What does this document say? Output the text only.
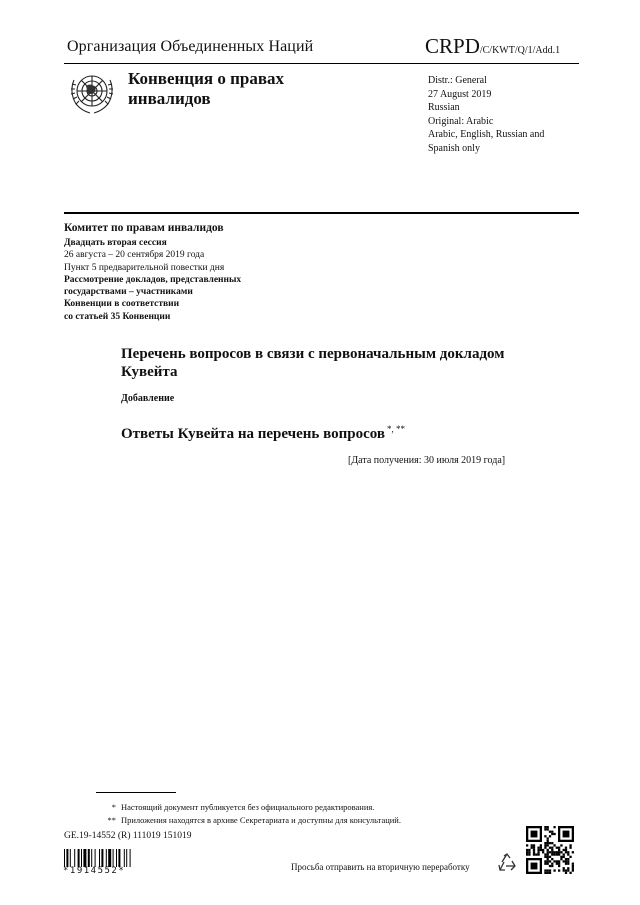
Организация Объединенных Наций	CRPD/C/KWT/Q/1/Add.1
Конвенция о правах
инвалидов
Distr.: General
27 August 2019
Russian
Original: Arabic
Arabic, English, Russian and
Spanish only
Комитет по правам инвалидов
Двадцать вторая сессия
26 августа – 20 сентября 2019 года
Пункт 5 предварительной повестки дня
Рассмотрение докладов, представленных
государствами – участниками
Конвенции в соответствии
со статьей 35 Конвенции
Перечень вопросов в связи с первоначальным докладом
Кувейта
Добавление
Ответы Кувейта на перечень вопросов *, **
[Дата получения: 30 июля 2019 года]
* Настоящий документ публикуется без официального редактирования.
** Приложения находятся в архиве Секретариата и доступны для консультаций.
GE.19-14552 (R) 111019 151019
*1914552*	Просьба отправить на вторичную переработку
